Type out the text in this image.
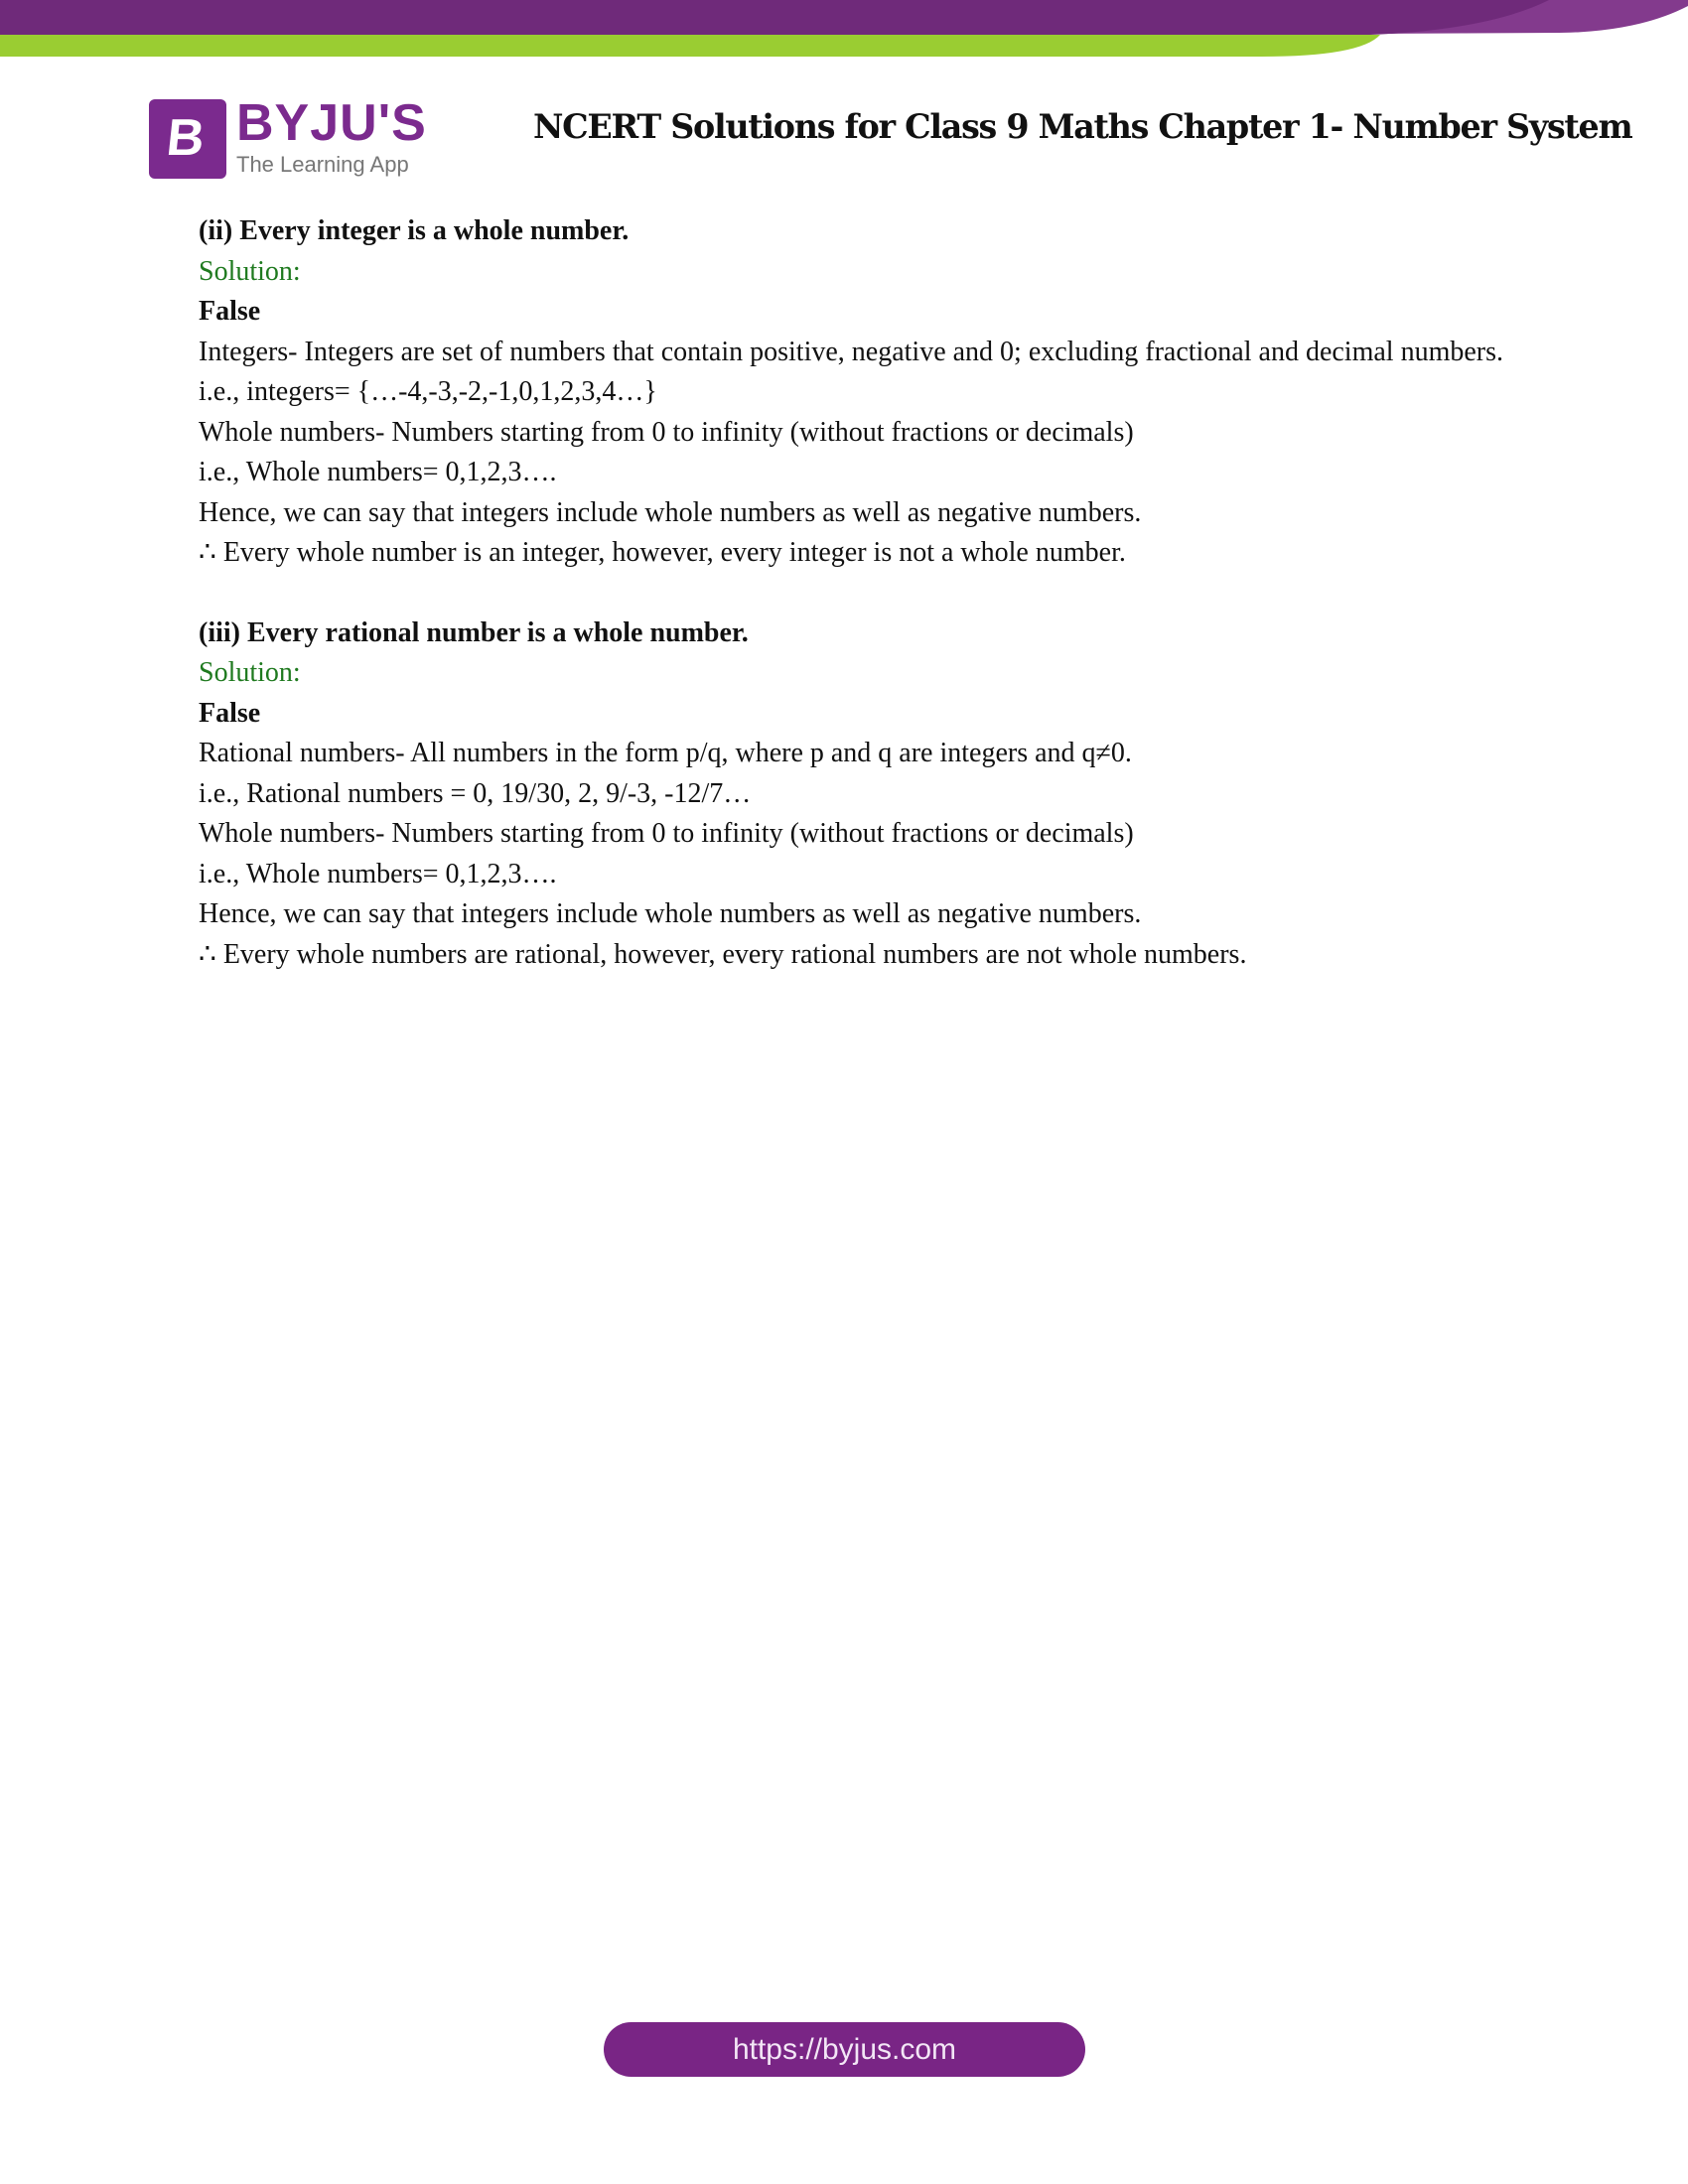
B BYJU'S
The Learning App
NCERT Solutions for Class 9 Maths Chapter 1- Number System
(ii) Every integer is a whole number.
Solution:
False
Integers- Integers are set of numbers that contain positive, negative and 0; excluding fractional and decimal numbers.
i.e., integers= {…-4,-3,-2,-1,0,1,2,3,4…}
Whole numbers- Numbers starting from 0 to infinity (without fractions or decimals)
i.e., Whole numbers= 0,1,2,3….
Hence, we can say that integers include whole numbers as well as negative numbers.
∴ Every whole number is an integer, however, every integer is not a whole number.
(iii) Every rational number is a whole number.
Solution:
False
Rational numbers- All numbers in the form p/q, where p and q are integers and q≠0.
i.e., Rational numbers = 0, 19/30, 2, 9/-3, -12/7…
Whole numbers- Numbers starting from 0 to infinity (without fractions or decimals)
i.e., Whole numbers= 0,1,2,3….
Hence, we can say that integers include whole numbers as well as negative numbers.
∴ Every whole numbers are rational, however, every rational numbers are not whole numbers.
https://byjus.com
